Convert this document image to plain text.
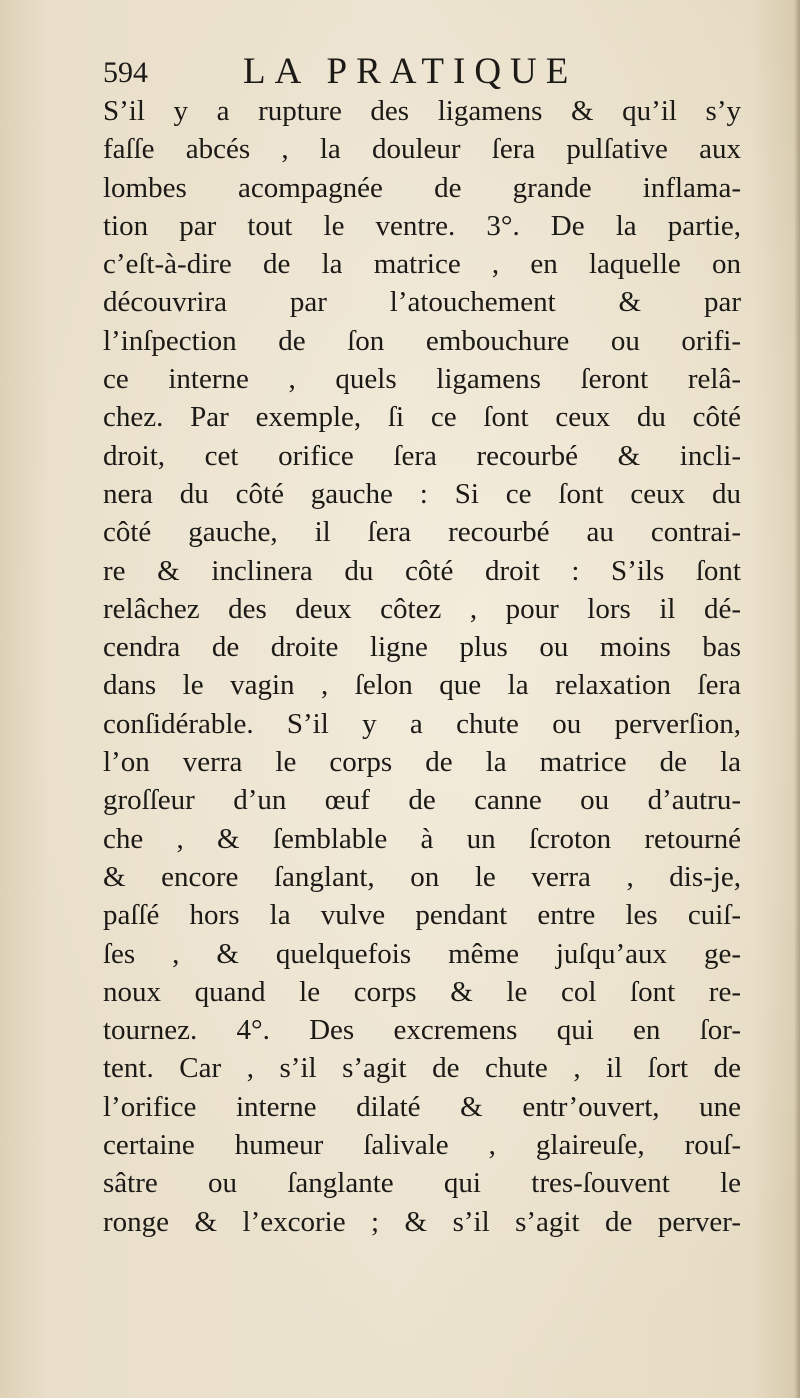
594	LA PRATIQUE
S’il y a rupture des ligamens & qu’il s’y
faſſe abcés , la douleur ſera pulſative aux
lombes acompagnée de grande inflama-
tion par tout le ventre. 3°. De la partie,
c’eſt-à-dire de la matrice , en laquelle on
découvrira par l’atouchement & par
l’inſpection de ſon embouchure ou orifi-
ce interne , quels ligamens ſeront relâ-
chez. Par exemple, ſi ce ſont ceux du côté
droit, cet orifice ſera recourbé & incli-
nera du côté gauche : Si ce ſont ceux du
côté gauche, il ſera recourbé au contrai-
re & inclinera du côté droit : S’ils ſont
relâchez des deux côtez , pour lors il dé-
cendra de droite ligne plus ou moins bas
dans le vagin , ſelon que la relaxation ſera
conſidérable. S’il y a chute ou perverſion,
l’on verra le corps de la matrice de la
groſſeur d’un œuf de canne ou d’autru-
che , & ſemblable à un ſcroton retourné
& encore ſanglant, on le verra , dis-je,
paſſé hors la vulve pendant entre les cuiſ-
ſes , & quelquefois même juſqu’aux ge-
noux quand le corps & le col ſont re-
tournez. 4°. Des excremens qui en ſor-
tent. Car , s’il s’agit de chute , il ſort de
l’orifice interne dilaté & entr’ouvert, une
certaine humeur ſalivale , glaireuſe, rouſ-
sâtre ou ſanglante qui tres-ſouvent le
ronge & l’excorie ; & s’il s’agit de perver-
